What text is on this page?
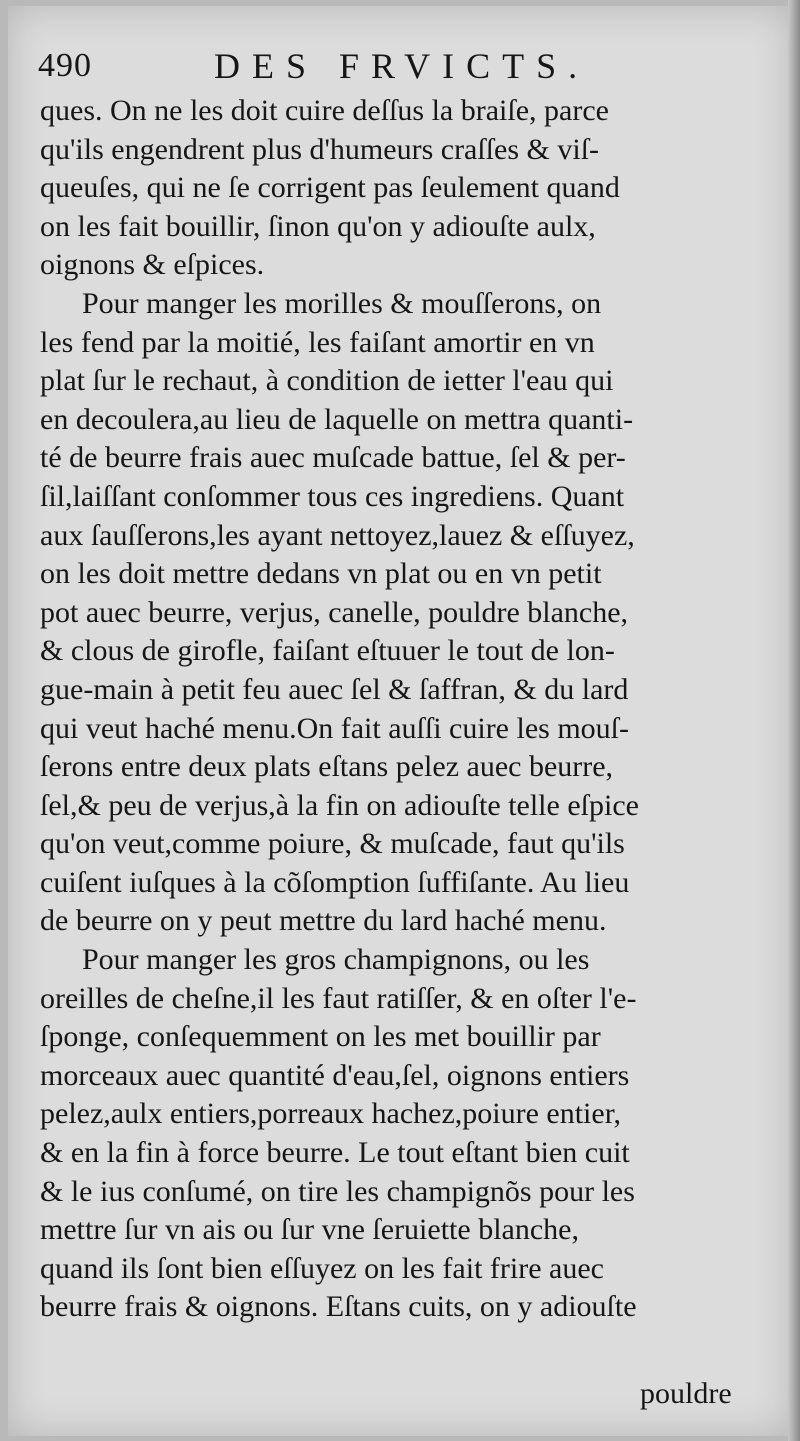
490	DES FRVICTS.
ques. On ne les doit cuire deſſus la braiſe, parce
qu'ils engendrent plus d'humeurs craſſes & viſ-
queuſes, qui ne ſe corrigent pas ſeulement quand
on les fait bouillir, ſinon qu'on y adiouſte aulx,
oignons & eſpices.
Pour manger les morilles & mouſſerons, on
les fend par la moitié, les faiſant amortir en vn
plat ſur le rechaut, à condition de ietter l'eau qui
en decoulera,au lieu de laquelle on mettra quanti-
té de beurre frais auec muſcade battue, ſel & per-
ſil,laiſſant conſommer tous ces ingrediens. Quant
aux ſauſſerons,les ayant nettoyez,lauez & eſſuyez,
on les doit mettre dedans vn plat ou en vn petit
pot auec beurre, verjus, canelle, pouldre blanche,
& clous de girofle, faiſant eſtuuer le tout de lon-
gue-main à petit feu auec ſel & ſaffran, & du lard
qui veut haché menu.On fait auſſi cuire les mouſ-
ſerons entre deux plats eſtans pelez auec beurre,
ſel,& peu de verjus,à la fin on adiouſte telle eſpice
qu'on veut,comme poiure, & muſcade, faut qu'ils
cuiſent iuſques à la cõſomption ſuffiſante. Au lieu
de beurre on y peut mettre du lard haché menu.
Pour manger les gros champignons, ou les
oreilles de cheſne,il les faut ratiſſer, & en oſter l'e-
ſponge, conſequemment on les met bouillir par
morceaux auec quantité d'eau,ſel, oignons entiers
pelez,aulx entiers,porreaux hachez,poiure entier,
& en la fin à force beurre. Le tout eſtant bien cuit
& le ius conſumé, on tire les champignõs pour les
mettre ſur vn ais ou ſur vne ſeruiette blanche,
quand ils ſont bien eſſuyez on les fait frire auec
beurre frais & oignons. Eſtans cuits, on y adiouſte
pouldre
